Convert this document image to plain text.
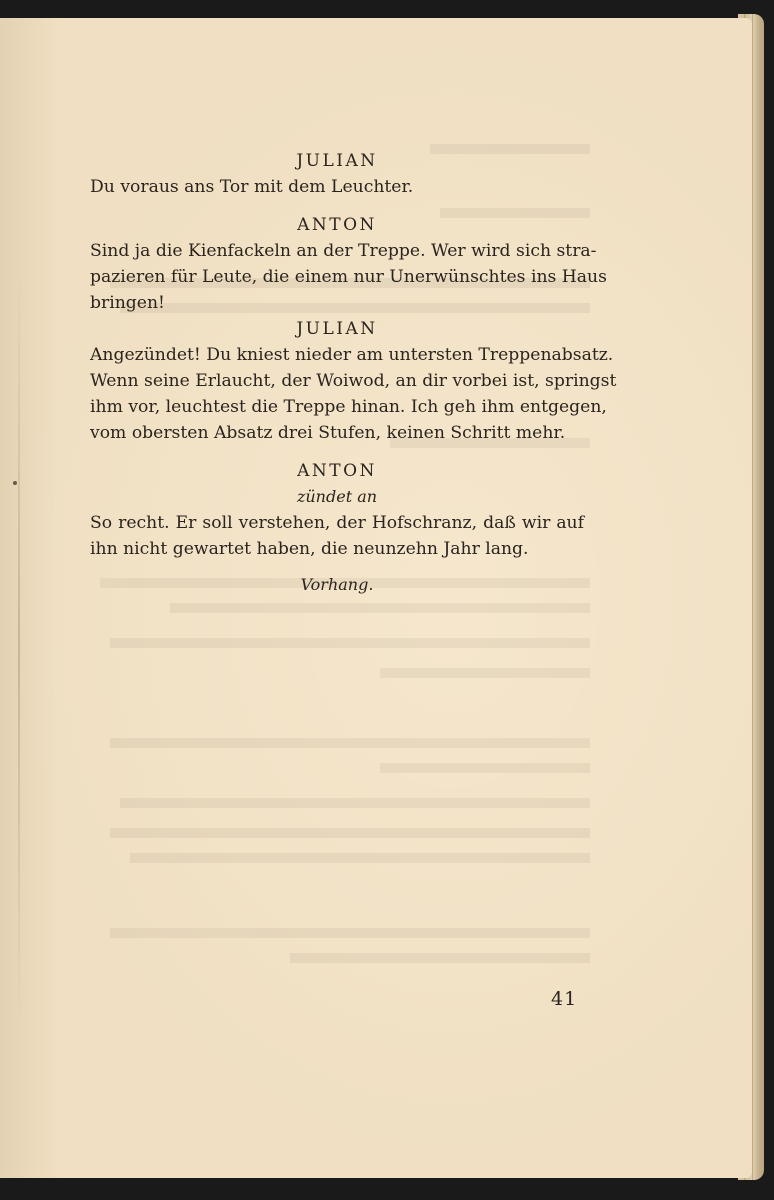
JULIAN
Du voraus ans Tor mit dem Leuchter.
ANTON
Sind ja die Kienfackeln an der Treppe. Wer wird sich stra-
pazieren für Leute, die einem nur Unerwünschtes ins Haus
bringen!
JULIAN
Angezündet! Du kniest nieder am untersten Treppenabsatz.
Wenn seine Erlaucht, der Woiwod, an dir vorbei ist, springst
ihm vor, leuchtest die Treppe hinan. Ich geh ihm entgegen,
vom obersten Absatz drei Stufen, keinen Schritt mehr.
ANTON
zündet an
So recht. Er soll verstehen, der Hofschranz, daß wir auf
ihn nicht gewartet haben, die neunzehn Jahr lang.
Vorhang.
41
